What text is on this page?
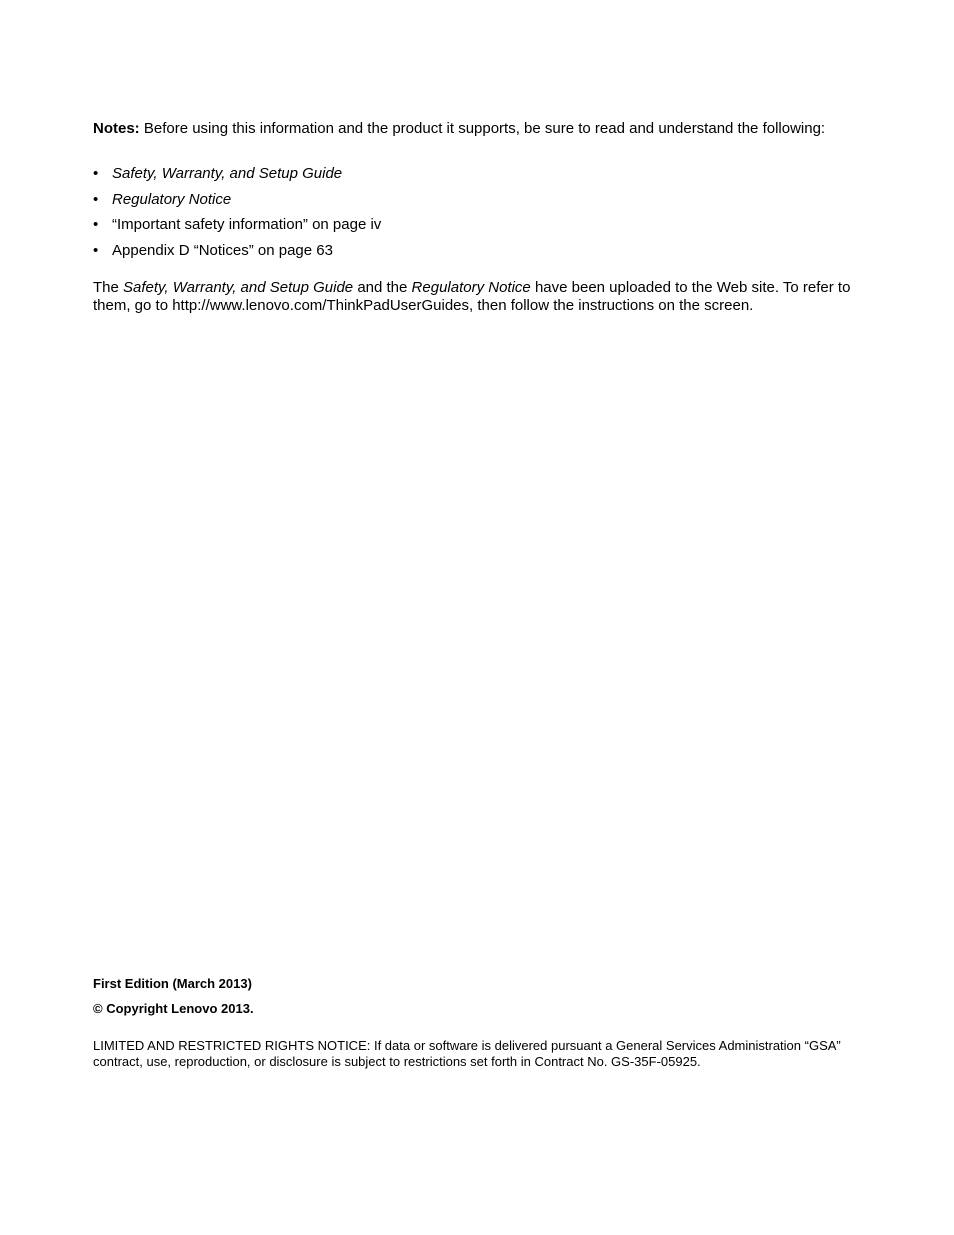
Notes: Before using this information and the product it supports, be sure to read and understand the following:
• Safety, Warranty, and Setup Guide
• Regulatory Notice
• “Important safety information” on page iv
• Appendix D “Notices” on page 63
The Safety, Warranty, and Setup Guide and the Regulatory Notice have been uploaded to the Web site. To refer to them, go to http://www.lenovo.com/ThinkPadUserGuides, then follow the instructions on the screen.
First Edition (March 2013)
© Copyright Lenovo 2013.
LIMITED AND RESTRICTED RIGHTS NOTICE: If data or software is delivered pursuant a General Services Administration “GSA” contract, use, reproduction, or disclosure is subject to restrictions set forth in Contract No. GS-35F-05925.
